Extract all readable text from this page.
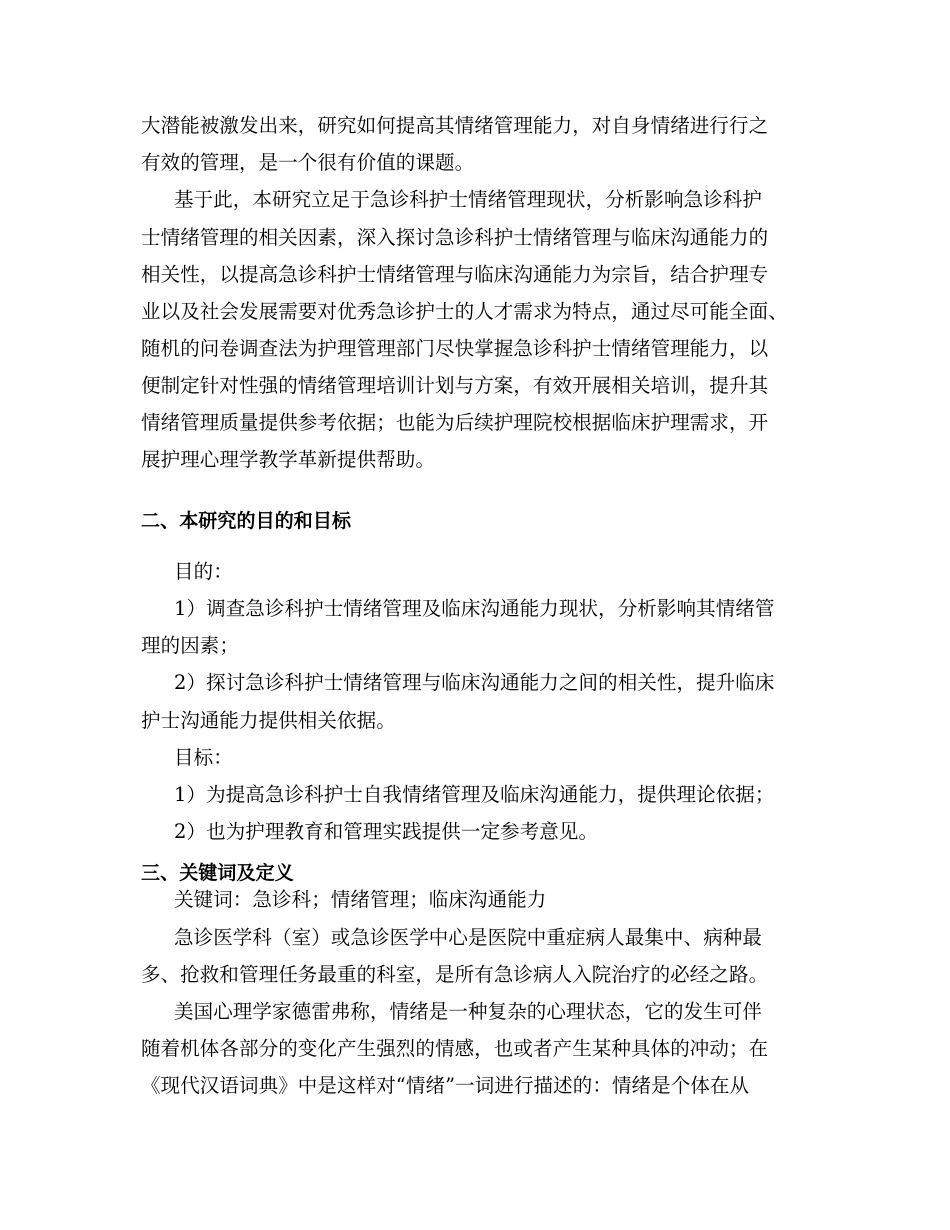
大潜能被激发出来，研究如何提高其情绪管理能力，对自身情绪进行行之
有效的管理，是一个很有价值的课题。
基于此，本研究立足于急诊科护士情绪管理现状，分析影响急诊科护
士情绪管理的相关因素，深入探讨急诊科护士情绪管理与临床沟通能力的
相关性，以提高急诊科护士情绪管理与临床沟通能力为宗旨，结合护理专
业以及社会发展需要对优秀急诊护士的人才需求为特点，通过尽可能全面、
随机的问卷调查法为护理管理部门尽快掌握急诊科护士情绪管理能力，以
便制定针对性强的情绪管理培训计划与方案，有效开展相关培训，提升其
情绪管理质量提供参考依据；也能为后续护理院校根据临床护理需求，开
展护理心理学教学革新提供帮助。
二、本研究的目的和目标
目的：
1）调查急诊科护士情绪管理及临床沟通能力现状，分析影响其情绪管
理的因素；
2）探讨急诊科护士情绪管理与临床沟通能力之间的相关性，提升临床
护士沟通能力提供相关依据。
目标：
1）为提高急诊科护士自我情绪管理及临床沟通能力，提供理论依据；
2）也为护理教育和管理实践提供一定参考意见。
三、关键词及定义
关键词：急诊科；情绪管理；临床沟通能力
急诊医学科（室）或急诊医学中心是医院中重症病人最集中、病种最
多、抢救和管理任务最重的科室，是所有急诊病人入院治疗的必经之路。
美国心理学家德雷弗称，情绪是一种复杂的心理状态，它的发生可伴
随着机体各部分的变化产生强烈的情感，也或者产生某种具体的冲动；在
《现代汉语词典》中是这样对“情绪”一词进行描述的：情绪是个体在从
